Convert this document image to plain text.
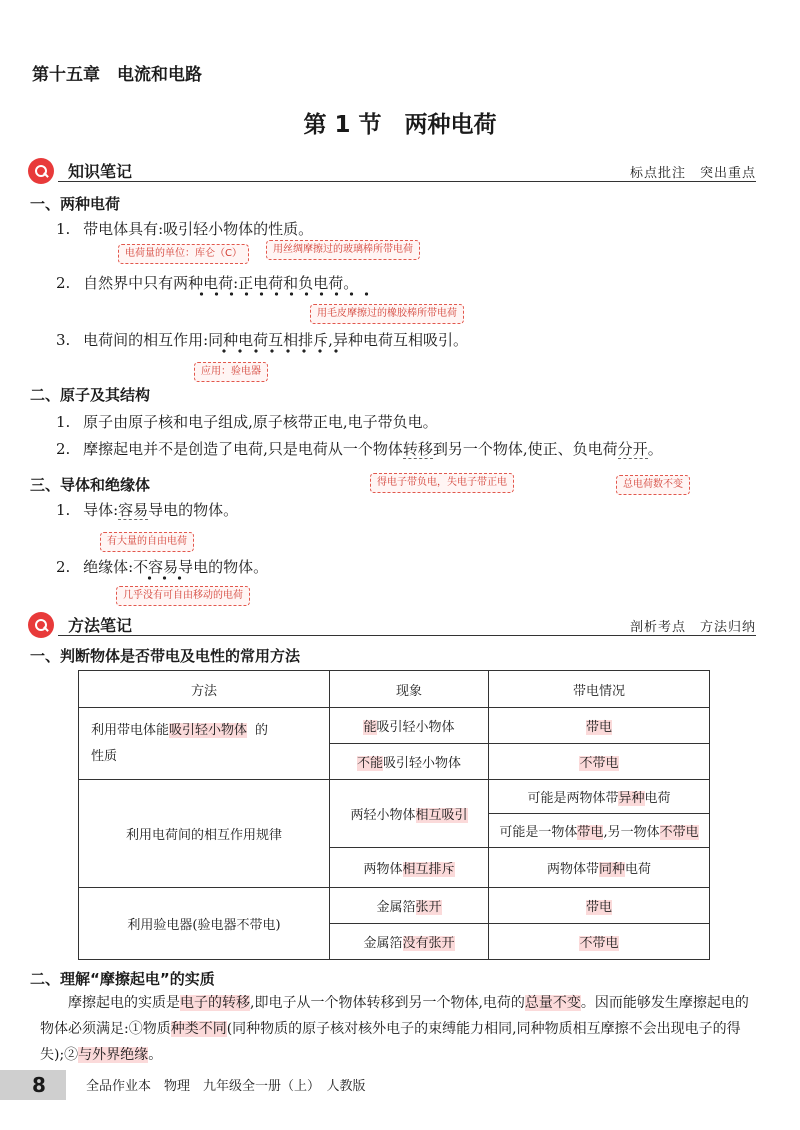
第十五章　电流和电路
第 1 节　两种电荷
知识笔记	标点批注　突出重点
一、两种电荷
1. 带电体具有:吸引轻小物体的性质。
电荷量的单位：库仑（C）	用丝绸摩擦过的玻璃棒所带电荷
2. 自然界中只有两种电荷:正电荷和负电荷。
用毛皮摩擦过的橡胶棒所带电荷
3. 电荷间的相互作用:同种电荷互相排斥,异种电荷互相吸引。
应用：验电器
二、原子及其结构
1. 原子由原子核和电子组成,原子核带正电,电子带负电。
2. 摩擦起电并不是创造了电荷,只是电荷从一个物体转移到另一个物体,使正、负电荷分开。
得电子带负电，失电子带正电	总电荷数不变
三、导体和绝缘体
1. 导体:容易导电的物体。
有大量的自由电荷
2. 绝缘体:不容易导电的物体。
几乎没有可自由移动的电荷
方法笔记	剖析考点　方法归纳
一、判断物体是否带电及电性的常用方法
方法	现象	带电情况
利用带电体能吸引轻小物体 的
性质	能吸引轻小物体	带电
	不能吸引轻小物体	不带电
利用电荷间的相互作用规律	两轻小物体相互吸引	可能是两物体带异种电荷
		可能是一物体带电,另一物体不带电
	两物体相互排斥	两物体带同种电荷
利用验电器(验电器不带电)	金属箔张开	带电
	金属箔没有张开	不带电
二、理解“摩擦起电”的实质
摩擦起电的实质是电子的转移,即电子从一个物体转移到另一个物体,电荷的总量不变。因而能够发生摩擦起电的物体必须满足:①物质种类不同(同种物质的原子核对核外电子的束缚能力相同,同种物质相互摩擦不会出现电子的得失);②与外界绝缘。
8	全品作业本　物理　九年级全一册（上）　人教版
